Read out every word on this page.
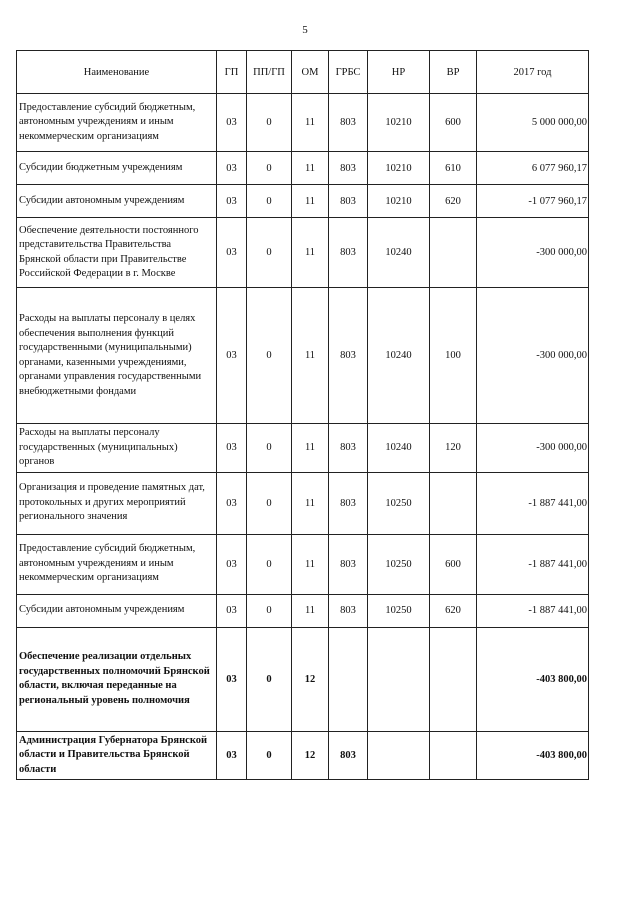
5
Наименование	ГП	ПП/ГП	ОМ	ГРБС	НР	ВР	2017 год
Предоставление субсидий бюджетным, автономным учреждениям и иным некоммерческим организациям	03	0	11	803	10210	600	5 000 000,00
Субсидии бюджетным учреждениям	03	0	11	803	10210	610	6 077 960,17
Субсидии автономным учреждениям	03	0	11	803	10210	620	-1 077 960,17
Обеспечение деятельности постоянного представительства Правительства Брянской области при Правительстве Российской Федерации в г. Москве	03	0	11	803	10240		-300 000,00
Расходы на выплаты персоналу в целях обеспечения выполнения функций государственными (муниципальными) органами, казенными учреждениями, органами управления государственными внебюджетными фондами	03	0	11	803	10240	100	-300 000,00
Расходы на выплаты персоналу государственных (муниципальных) органов	03	0	11	803	10240	120	-300 000,00
Организация и проведение памятных дат, протокольных и других мероприятий регионального значения	03	0	11	803	10250		-1 887 441,00
Предоставление субсидий бюджетным, автономным учреждениям и иным некоммерческим организациям	03	0	11	803	10250	600	-1 887 441,00
Субсидии автономным учреждениям	03	0	11	803	10250	620	-1 887 441,00
Обеспечение реализации отдельных государственных полномочий Брянской области, включая переданные на региональный уровень полномочия	03	0	12				-403 800,00
Администрация Губернатора Брянской области и Правительства Брянской области	03	0	12	803			-403 800,00
